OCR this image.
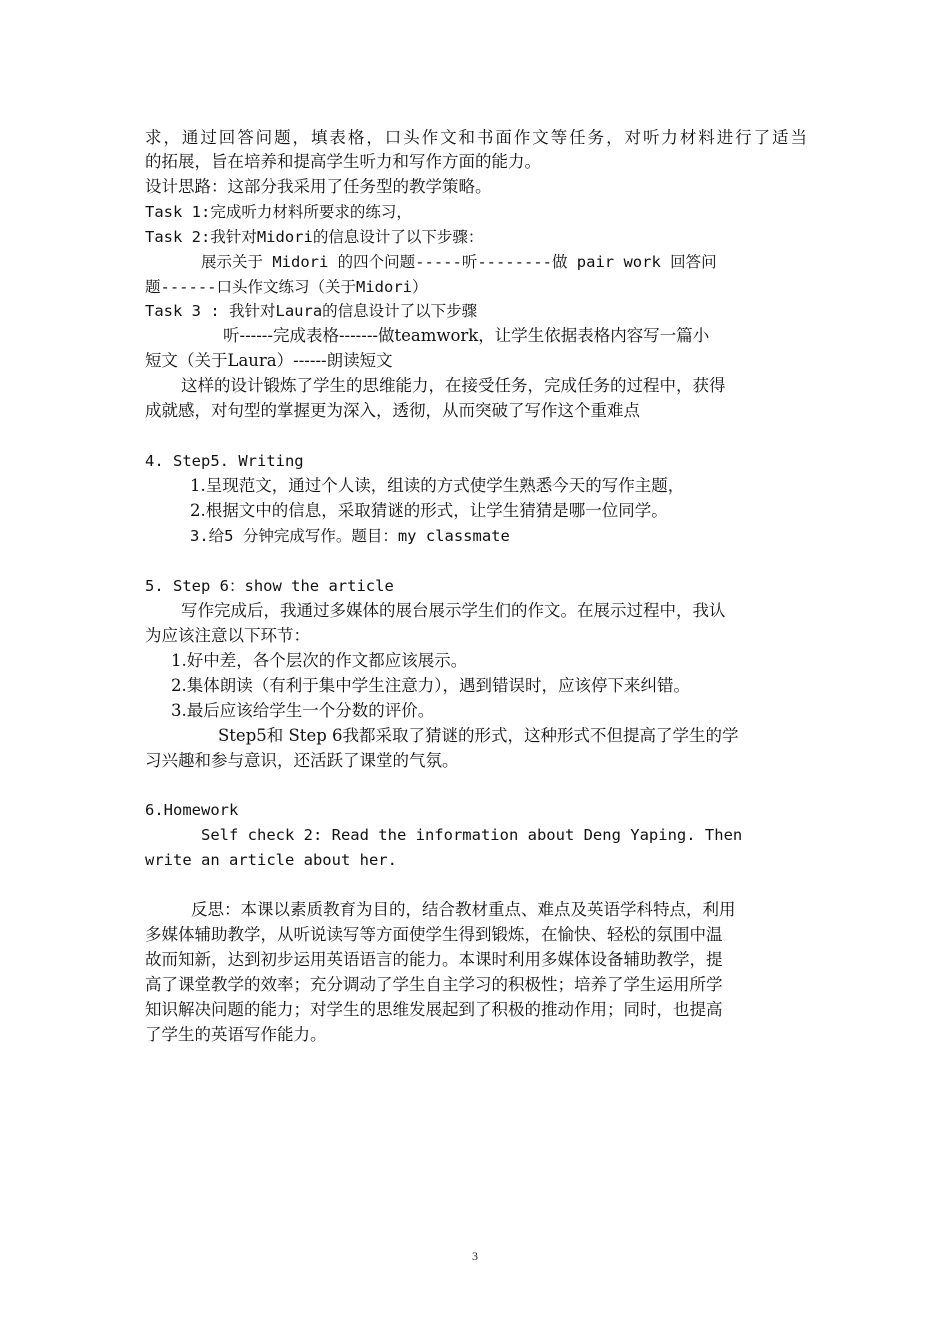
求，通过回答问题，填表格，口头作文和书面作文等任务，对听力材料进行了适当
的拓展，旨在培养和提高学生听力和写作方面的能力。
设计思路：这部分我采用了任务型的教学策略。
Task 1:完成听力材料所要求的练习，
Task 2:我针对Midori的信息设计了以下步骤：
展示关于 Midori 的四个问题-----听--------做 pair work 回答问
题------口头作文练习（关于Midori）
Task 3 : 我针对Laura的信息设计了以下步骤
听------完成表格-------做teamwork，让学生依据表格内容写一篇小
短文（关于Laura）------朗读短文
这样的设计锻炼了学生的思维能力，在接受任务，完成任务的过程中，获得
成就感，对句型的掌握更为深入，透彻，从而突破了写作这个重难点
4. Step5. Writing
1.呈现范文，通过个人读，组读的方式使学生熟悉今天的写作主题，
2.根据文中的信息，采取猜谜的形式，让学生猜猜是哪一位同学。
3.给5 分钟完成写作。题目：my classmate
5. Step 6：show the article
写作完成后，我通过多媒体的展台展示学生们的作文。在展示过程中，我认
为应该注意以下环节：
1.好中差，各个层次的作文都应该展示。
2.集体朗读（有利于集中学生注意力），遇到错误时，应该停下来纠错。
3.最后应该给学生一个分数的评价。
Step5和 Step 6我都采取了猜谜的形式，这种形式不但提高了学生的学
习兴趣和参与意识，还活跃了课堂的气氛。
6.Homework
Self check 2: Read the information about Deng Yaping. Then
write an article about her.
反思：本课以素质教育为目的，结合教材重点、难点及英语学科特点，利用
多媒体辅助教学，从听说读写等方面使学生得到锻炼，在愉快、轻松的氛围中温
故而知新，达到初步运用英语语言的能力。本课时利用多媒体设备辅助教学，提
高了课堂教学的效率；充分调动了学生自主学习的积极性；培养了学生运用所学
知识解决问题的能力；对学生的思维发展起到了积极的推动作用；同时，也提高
了学生的英语写作能力。
3
